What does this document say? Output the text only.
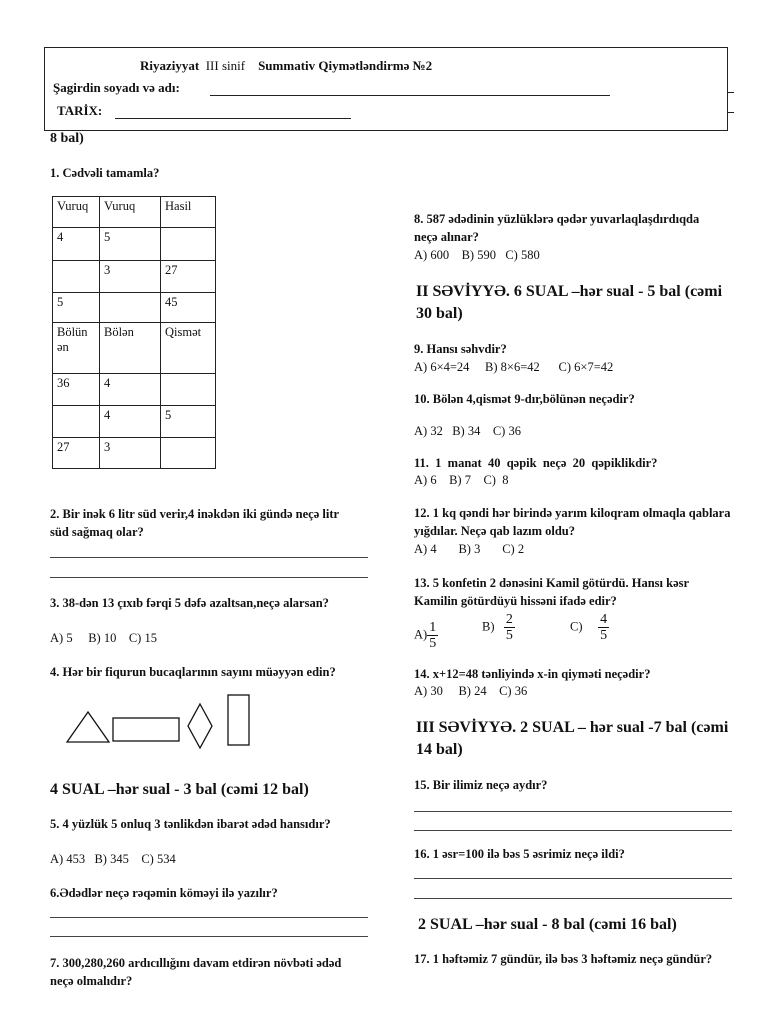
Riyaziyyat III sinif Summativ Qiymətləndirmə №2
Şagirdin soyadı və adı:
TARİX:
8 bal)
1. Cədvəli tamamla?
Vuruq	Vuruq	Hasil
4	5	
	3	27
5		45
Bölün ən	Bölən	Qismət
36	4	
	4	5
27	3	
2. Bir inək 6 litr süd verir,4 inəkdən iki gündə neçə litr süd sağmaq olar?
3. 38-dən 13 çıxıb fərqi 5 dəfə azaltsan,neçə alarsan?
A) 5     B) 10    C) 15
4. Hər bir fiqurun bucaqlarının sayını müəyyən edin?
4 SUAL –hər sual - 3 bal (cəmi 12 bal)
5. 4 yüzlük 5 onluq 3 tənlikdən ibarət ədəd hansıdır?
A) 453   B) 345    C) 534
6.Ədədlər neçə rəqəmin köməyi ilə yazılır?
7. 300,280,260 ardıcıllığını davam etdirən növbəti ədəd neçə olmalıdır?
8. 587 ədədinin yüzlüklərə qədər yuvarlaqlaşdırdıqda neçə alınar?
A) 600    B) 590   C) 580
II SƏVİYYƏ. 6 SUAL –hər sual - 5 bal (cəmi 30 bal)
9. Hansı səhvdir?
A) 6×4=24     B) 8×6=42      C) 6×7=42
10. Bölən 4,qismət 9-dır,bölünən neçədir?
A) 32   B) 34    C) 36
11.  1  manat  40  qəpik  neçə  20  qəpiklikdir?
A) 6    B) 7    C)  8
12. 1 kq qəndi hər birində yarım kiloqram olmaqla qablara yığdılar. Neçə qab lazım oldu?
A) 4       B) 3       C) 2
13. 5 konfetin 2 dənəsini Kamil götürdü. Hansı kəsr Kamilin götürdüyü hissəni ifadə edir?
$A) \frac{1}{5}$	$B) \frac{2}{5}$	$C) \frac{4}{5}$
14. x+12=48 tənliyində x-in qiyməti neçədir?
A) 30     B) 24    C) 36
III SƏVİYYƏ. 2 SUAL – hər sual -7 bal (cəmi 14 bal)
15. Bir ilimiz neçə aydır?
16. 1 əsr=100 ilə bəs 5 əsrimiz neçə ildi?
2 SUAL –hər sual - 8 bal (cəmi 16 bal)
17. 1 həftəmiz 7 gündür, ilə bəs 3 həftəmiz neçə gündür?
